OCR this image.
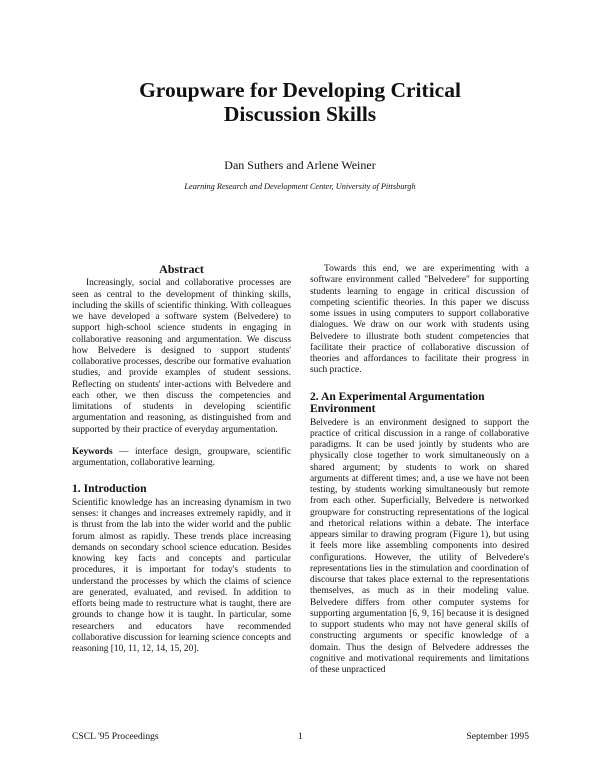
Groupware for Developing Critical
Discussion Skills
Dan Suthers and Arlene Weiner
Learning Research and Development Center, University of Pittsburgh
Abstract

Increasingly, social and collaborative processes are seen as central to the development of thinking skills, including the skills of scientific thinking. With colleagues we have developed a software system (Belvedere) to support high-school science students in engaging in collaborative reasoning and argumentation. We discuss how Belvedere is designed to support students' collaborative processes, describe our formative evaluation studies, and provide examples of student sessions. Reflecting on students' inter-actions with Belvedere and each other, we then discuss the competencies and limitations of students in developing scientific argumentation and reasoning, as distinguished from and supported by their practice of everyday argumentation.

Keywords — interface design, groupware, scientific argumentation, collaborative learning.

1. Introduction

Scientific knowledge has an increasing dynamism in two senses: it changes and increases extremely rapidly, and it is thrust from the lab into the wider world and the public forum almost as rapidly. These trends place increasing demands on secondary school science education. Besides knowing key facts and concepts and particular procedures, it is important for today's students to understand the processes by which the claims of science are generated, evaluated, and revised. In addition to efforts being made to restructure what is taught, there are grounds to change how it is taught. In particular, some researchers and educators have recommended collaborative discussion for learning science concepts and reasoning [10, 11, 12, 14, 15, 20].

Towards this end, we are experimenting with a software environment called "Belvedere" for supporting students learning to engage in critical discussion of competing scientific theories. In this paper we discuss some issues in using computers to support collaborative dialogues. We draw on our work with students using Belvedere to illustrate both student competencies that facilitate their practice of collaborative discussion of theories and affordances to facilitate their progress in such practice.

2. An Experimental Argumentation
Environment

Belvedere is an environment designed to support the practice of critical discussion in a range of collaborative paradigms. It can be used jointly by students who are physically close together to work simultaneously on a shared argument; by students to work on shared arguments at different times; and, a use we have not been testing, by students working simultaneously but remote from each other. Superficially, Belvedere is networked groupware for constructing representations of the logical and rhetorical relations within a debate. The interface appears similar to drawing program (Figure 1), but using it feels more like assembling components into desired configurations. However, the utility of Belvedere's representations lies in the stimulation and coordination of discourse that takes place external to the representations themselves, as much as in their modeling value. Belvedere differs from other computer systems for supporting argumentation [6, 9, 16] because it is designed to support students who may not have general skills of constructing arguments or specific knowledge of a domain. Thus the design of Belvedere addresses the cognitive and motivational requirements and limitations of these unpracticed

CSCL '95 Proceedings	1	September 1995
